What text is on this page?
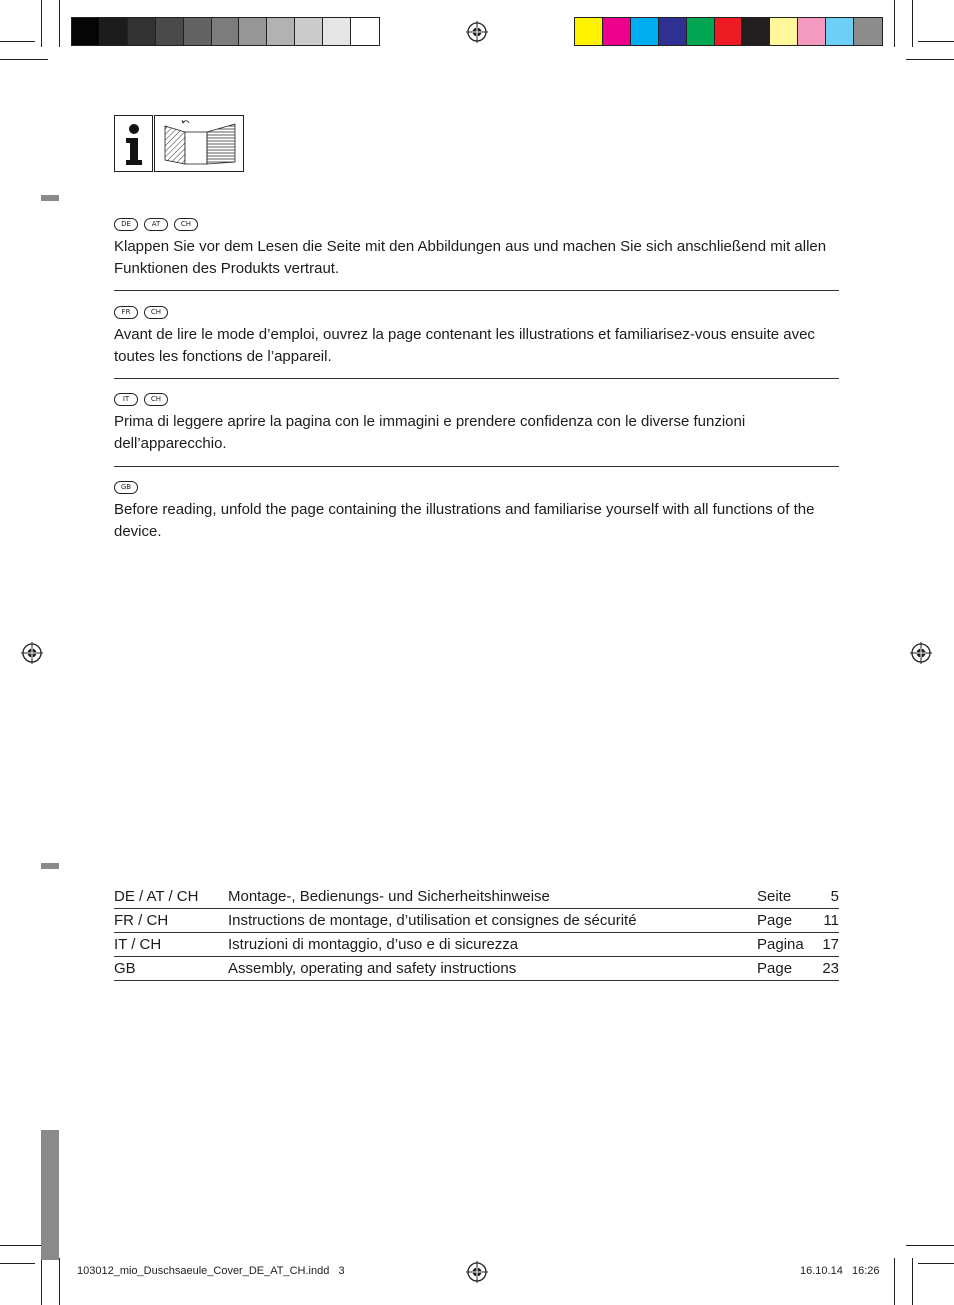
DE	AT	CH
Klappen Sie vor dem Lesen die Seite mit den Abbildungen aus und machen Sie sich anschließend mit allen Funktionen des Produkts vertraut.
FR	CH
Avant de lire le mode d’emploi, ouvrez la page contenant les illustrations et familiarisez-vous ensuite avec toutes les fonctions de l’appareil.
IT	CH
Prima di leggere aprire la pagina con le immagini e prendere confidenza con le diverse funzioni dell’apparecchio.
GB
Before reading, unfold the page containing the illustrations and familiarise yourself with all functions of the device.
DE / AT / CH	Montage-, Bedienungs- und Sicherheitshinweise	Seite	5
FR / CH	Instructions de montage, d’utilisation et consignes de sécurité	Page	11
IT / CH	Istruzioni di montaggio, d’uso e di sicurezza	Pagina	17
GB	Assembly, operating and safety instructions	Page	23
103012_mio_Duschsaeule_Cover_DE_AT_CH.indd   3	16.10.14   16:26
